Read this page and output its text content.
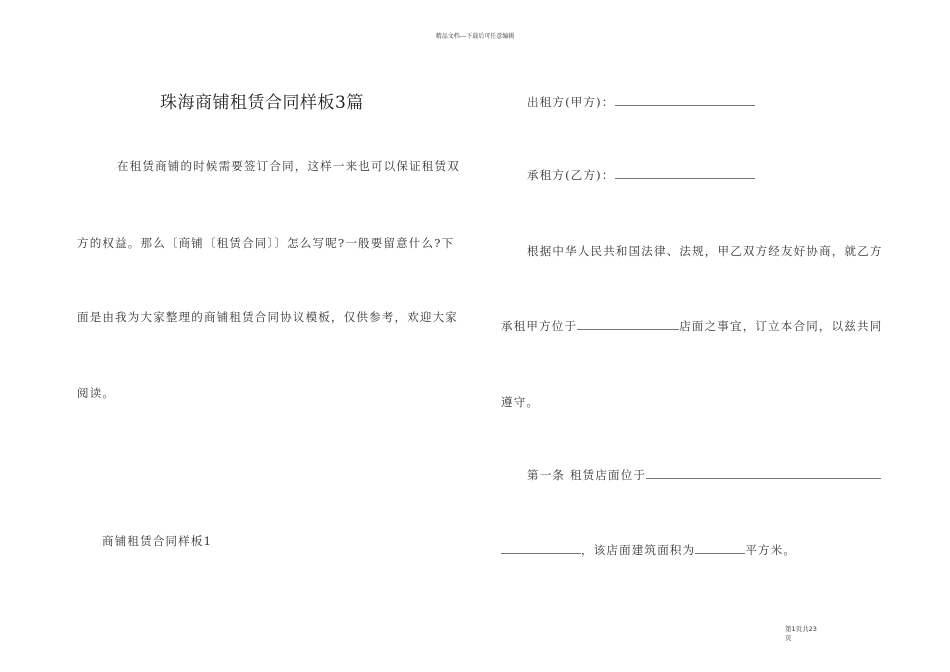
精品文档---下载后可任意编辑
珠海商铺租赁合同样板3篇
在租赁商铺的时候需要签订合同，这样一来也可以保证租赁双
方的权益。那么〔商铺〔租赁合同〕〕怎么写呢?一般要留意什么?下
面是由我为大家整理的商铺租赁合同协议模板，仅供参考，欢迎大家
阅读。
商铺租赁合同样板1
出租方(甲方)：
承租方(乙方)：
根据中华人民共和国法律、法规，甲乙双方经友好协商，就乙方
承租甲方位于	店面之事宜，订立本合同，以兹共同
遵守。
第一条 租赁店面位于
，该店面建筑面积为	平方米。
第1页共23
页
